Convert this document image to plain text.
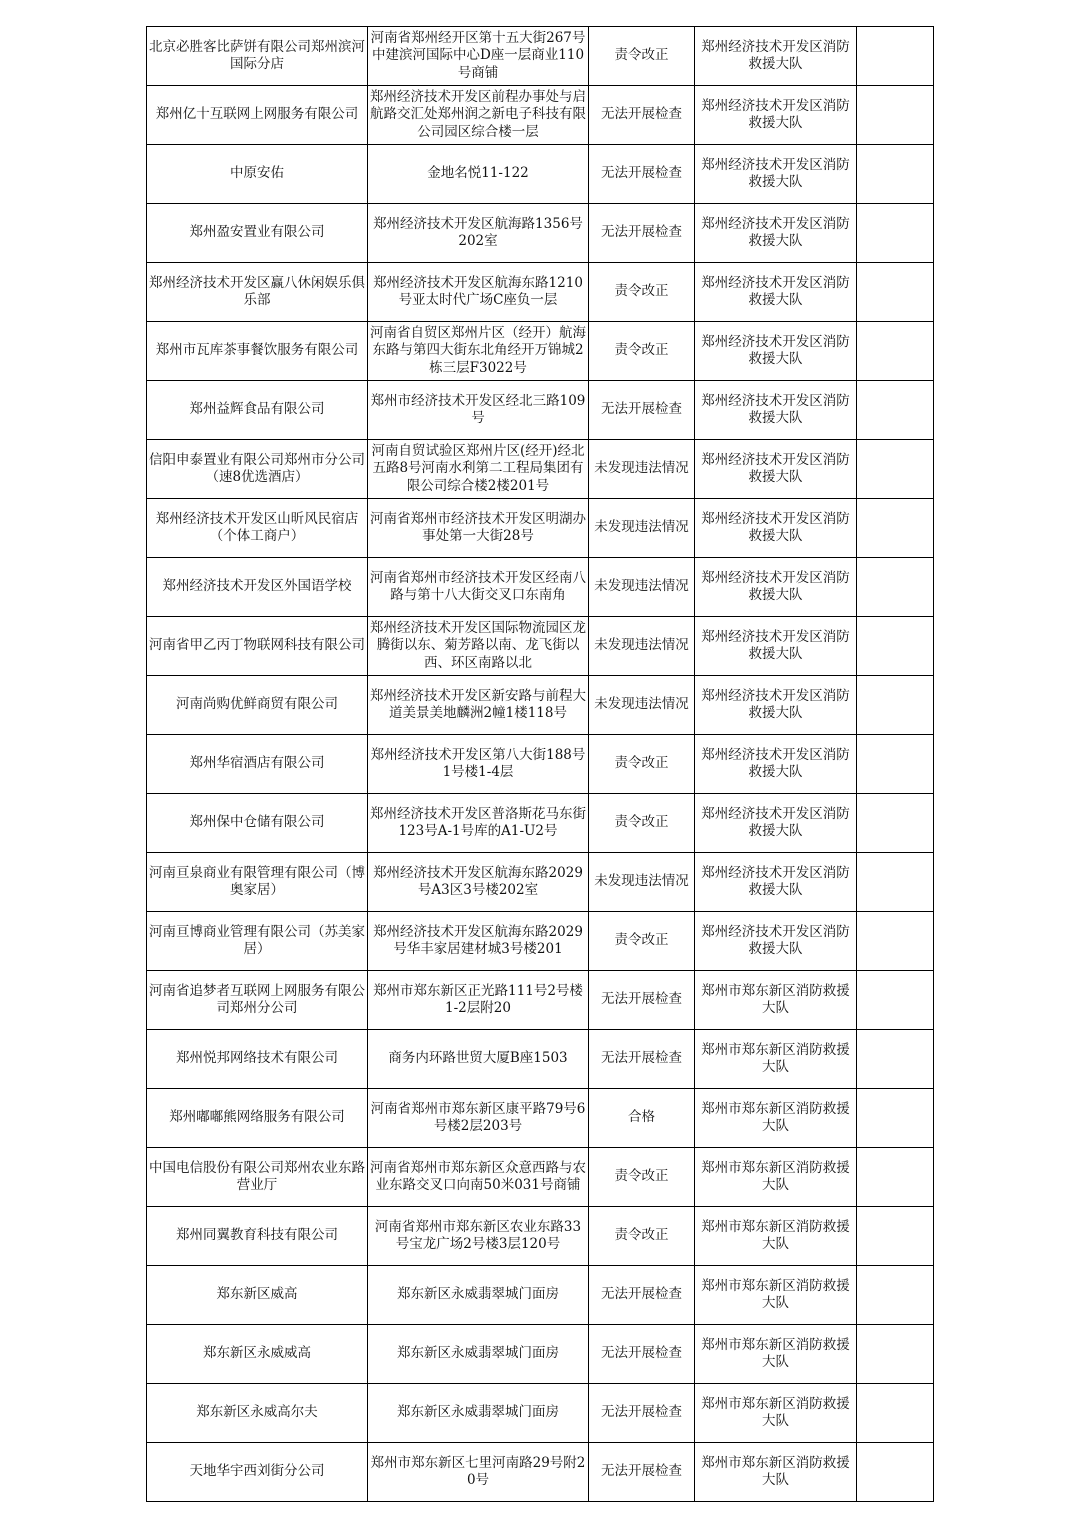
北京必胜客比萨饼有限公司郑州滨河国际分店	河南省郑州经开区第十五大街267号中建滨河国际中心D座一层商业110号商铺	责令改正	郑州经济技术开发区消防救援大队	
郑州亿十互联网上网服务有限公司	郑州经济技术开发区前程办事处与启航路交汇处郑州润之新电子科技有限公司园区综合楼一层	无法开展检查	郑州经济技术开发区消防救援大队	
中原安佑	金地名悦11-122	无法开展检查	郑州经济技术开发区消防救援大队	
郑州盈安置业有限公司	郑州经济技术开发区航海路1356号202室	无法开展检查	郑州经济技术开发区消防救援大队	
郑州经济技术开发区赢八休闲娱乐俱乐部	郑州经济技术开发区航海东路1210号亚太时代广场C座负一层	责令改正	郑州经济技术开发区消防救援大队	
郑州市瓦库茶事餐饮服务有限公司	河南省自贸区郑州片区（经开）航海东路与第四大街东北角经开万锦城2栋三层F3022号	责令改正	郑州经济技术开发区消防救援大队	
郑州益辉食品有限公司	郑州市经济技术开发区经北三路109号	无法开展检查	郑州经济技术开发区消防救援大队	
信阳申泰置业有限公司郑州市分公司（速8优选酒店）	河南自贸试验区郑州片区(经开)经北五路8号河南水利第二工程局集团有限公司综合楼2楼201号	未发现违法情况	郑州经济技术开发区消防救援大队	
郑州经济技术开发区山昕风民宿店（个体工商户）	河南省郑州市经济技术开发区明湖办事处第一大街28号	未发现违法情况	郑州经济技术开发区消防救援大队	
郑州经济技术开发区外国语学校	河南省郑州市经济技术开发区经南八路与第十八大街交叉口东南角	未发现违法情况	郑州经济技术开发区消防救援大队	
河南省甲乙丙丁物联网科技有限公司	郑州经济技术开发区国际物流园区龙腾街以东、菊芳路以南、龙飞街以西、环区南路以北	未发现违法情况	郑州经济技术开发区消防救援大队	
河南尚购优鲜商贸有限公司	郑州经济技术开发区新安路与前程大道美景美地麟洲2幢1楼118号	未发现违法情况	郑州经济技术开发区消防救援大队	
郑州华宿酒店有限公司	郑州经济技术开发区第八大街188号1号楼1-4层	责令改正	郑州经济技术开发区消防救援大队	
郑州保中仓储有限公司	郑州经济技术开发区普洛斯花马东街123号A-1号库的A1-U2号	责令改正	郑州经济技术开发区消防救援大队	
河南亘泉商业有限管理有限公司（博奥家居）	郑州经济技术开发区航海东路2029号A3区3号楼202室	未发现违法情况	郑州经济技术开发区消防救援大队	
河南亘博商业管理有限公司（苏美家居）	郑州经济技术开发区航海东路2029号华丰家居建材城3号楼201	责令改正	郑州经济技术开发区消防救援大队	
河南省追梦者互联网上网服务有限公司郑州分公司	郑州市郑东新区正光路111号2号楼1-2层附20	无法开展检查	郑州市郑东新区消防救援大队	
郑州悦邦网络技术有限公司	商务内环路世贸大厦B座1503	无法开展检查	郑州市郑东新区消防救援大队	
郑州嘟嘟熊网络服务有限公司	河南省郑州市郑东新区康平路79号6号楼2层203号	合格	郑州市郑东新区消防救援大队	
中国电信股份有限公司郑州农业东路营业厅	河南省郑州市郑东新区众意西路与农业东路交叉口向南50米031号商铺	责令改正	郑州市郑东新区消防救援大队	
郑州同翼教育科技有限公司	河南省郑州市郑东新区农业东路33号宝龙广场2号楼3层120号	责令改正	郑州市郑东新区消防救援大队	
郑东新区威高	郑东新区永威翡翠城门面房	无法开展检查	郑州市郑东新区消防救援大队	
郑东新区永威威高	郑东新区永威翡翠城门面房	无法开展检查	郑州市郑东新区消防救援大队	
郑东新区永威高尔夫	郑东新区永威翡翠城门面房	无法开展检查	郑州市郑东新区消防救援大队	
天地华宇西刘街分公司	郑州市郑东新区七里河南路29号附20号	无法开展检查	郑州市郑东新区消防救援大队	
